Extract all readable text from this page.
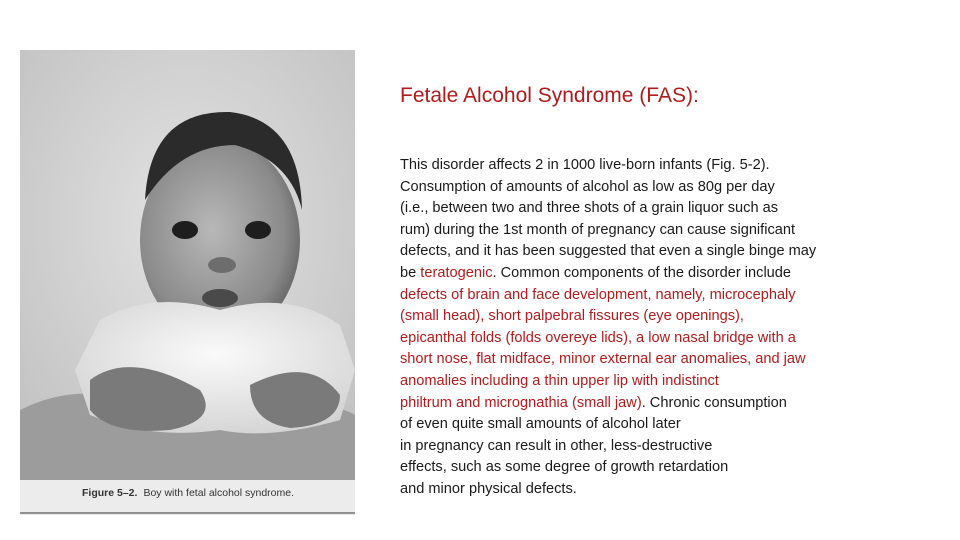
Figure 5–2. Boy with fetal alcohol syndrome.
Fetale Alcohol Syndrome (FAS):
This disorder affects 2 in 1000 live-born infants (Fig. 5-2).
Consumption of amounts of alcohol as low as 80g per day
(i.e., between two and three shots of a grain liquor such as
rum) during the 1st month of pregnancy can cause significant
defects, and it has been suggested that even a single binge may
be teratogenic. Common components of the disorder include
defects of brain and face development, namely, microcephaly
(small head), short palpebral fissures (eye openings),
epicanthal folds (folds overeye lids), a low nasal bridge with a
short nose, flat midface, minor external ear anomalies, and jaw
anomalies including a thin upper lip with indistinct
philtrum and micrognathia (small jaw). Chronic consumption
of even quite small amounts of alcohol later
in pregnancy can result in other, less-destructive
effects, such as some degree of growth retardation
and minor physical defects.
